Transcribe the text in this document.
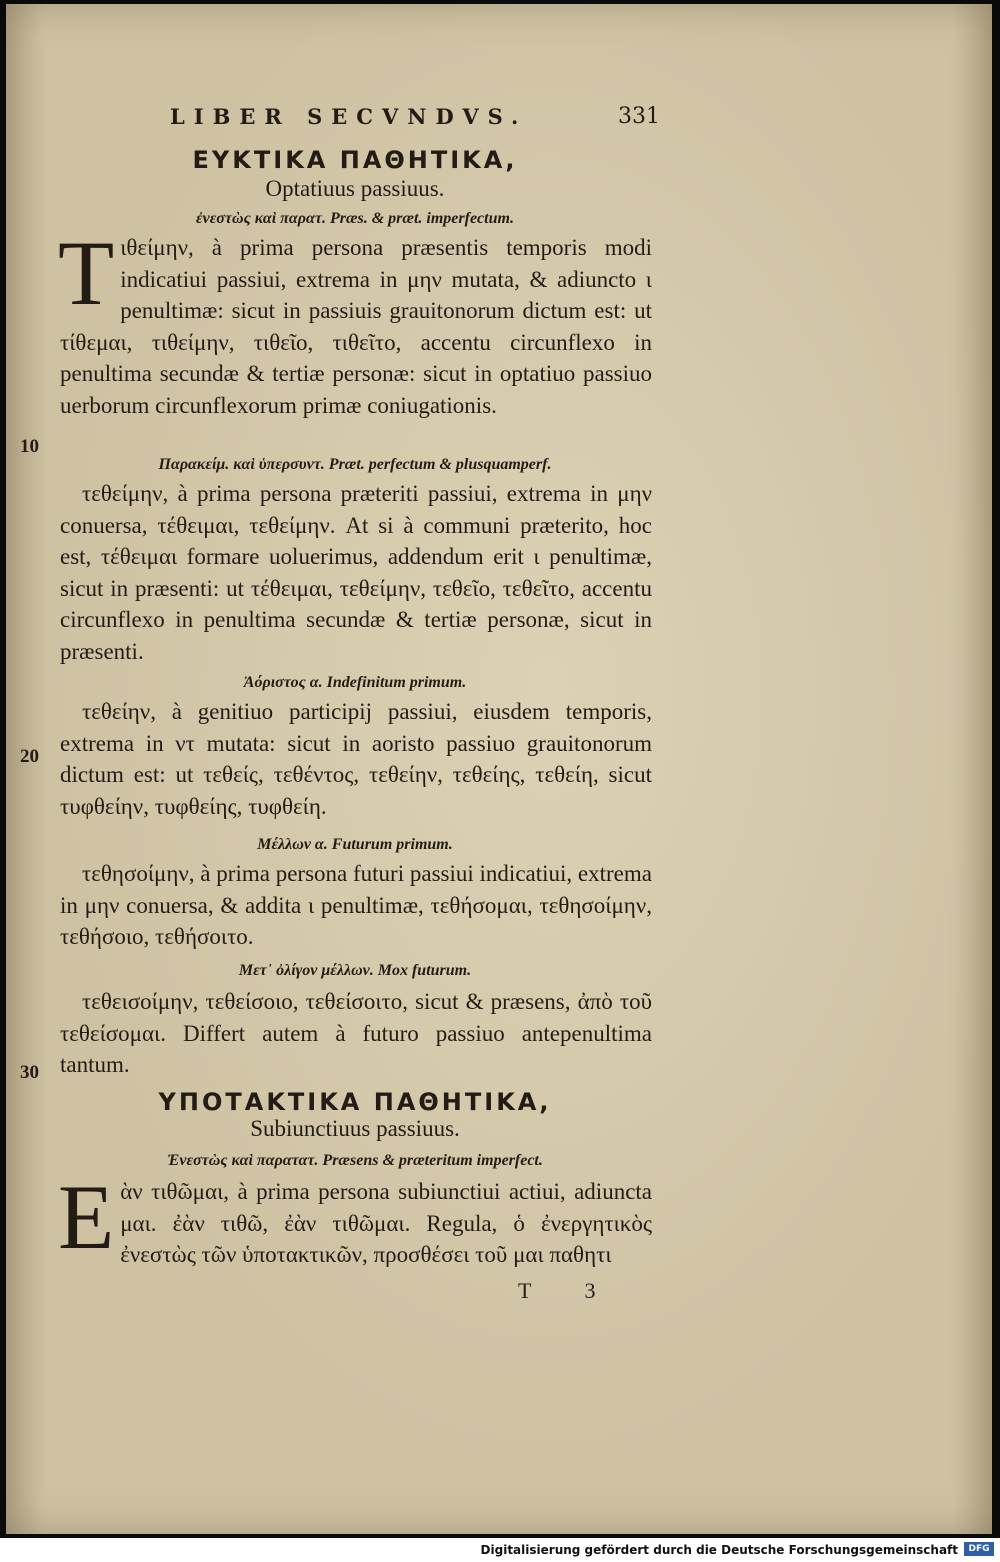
LIBER SECVNDVS.	331
ΕΥΚΤΙΚΑ ΠΑΘΗΤΙΚΑ,
Optatiuus passiuus.
ἐνεστὼς καὶ παρατ. Præs. & præt. imperfectum.
T ιθείμην, à prima persona præsentis temporis modi indicatiui passiui, extrema in μην mutata, & adiuncto ι penultimæ: sicut in passiuis grauitonorum dictum est: ut τίθεμαι, τιθείμην, τιθεῖο, τιθεῖτο, accentu circunflexo in penultima secundæ & tertiæ personæ: sicut in optatiuo passiuo uerborum circunflexorum primæ coniugationis.
Παρακείμ. καὶ ὑπερσυντ. Præt. perfectum & plusquamperf.
τεθείμην, à prima persona præteriti passiui, extrema in μην conuersa, τέθειμαι, τεθείμην. At si à communi præterito, hoc est, τέθειμαι formare uoluerimus, addendum erit ι penultimæ, sicut in præsenti: ut τέθειμαι, τεθείμην, τεθεῖο, τεθεῖτο, accentu circunflexo in penultima secundæ & tertiæ personæ, sicut in præsenti.
Ἀόριστος α. Indefinitum primum.
τεθείην, à genitiuo participij passiui, eiusdem temporis, extrema in ντ mutata: sicut in aoristo passiuo grauitonorum dictum est: ut τεθείς, τεθέντος, τεθείην, τεθείης, τεθείη, sicut τυφθείην, τυφθείης, τυφθείη.
Μέλλων α. Futurum primum.
τεθησοίμην, à prima persona futuri passiui indicatiui, extrema in μην conuersa, & addita ι penultimæ, τεθήσομαι, τεθησοίμην, τεθήσοιο, τεθήσοιτο.
Μετ᾽ ὀλίγον μέλλων. Mox futurum.
τεθεισοίμην, τεθείσοιο, τεθείσοιτο, sicut & præsens, ἀπὸ τοῦ τεθείσομαι. Differt autem à futuro passiuo antepenultima tantum.
ΥΠΟΤΑΚΤΙΚΑ ΠΑΘΗΤΙΚΑ,
Subiunctiuus passiuus.
Ἐνεστὼς καὶ παρατατ. Præsens & præteritum imperfect.
E ὰν τιθῶμαι, à prima persona subiunctiui actiui, adiuncta μαι. ἐὰν τιθῶ, ἐὰν τιθῶμαι. Regula, ὁ ἐνεργητικὸς ἐνεστὼς τῶν ὑποτακτικῶν, προσθέσει τοῦ μαι παθητι
10
20
30
T 3
Digitalisierung gefördert durch die Deutsche Forschungsgemeinschaft	DFG
